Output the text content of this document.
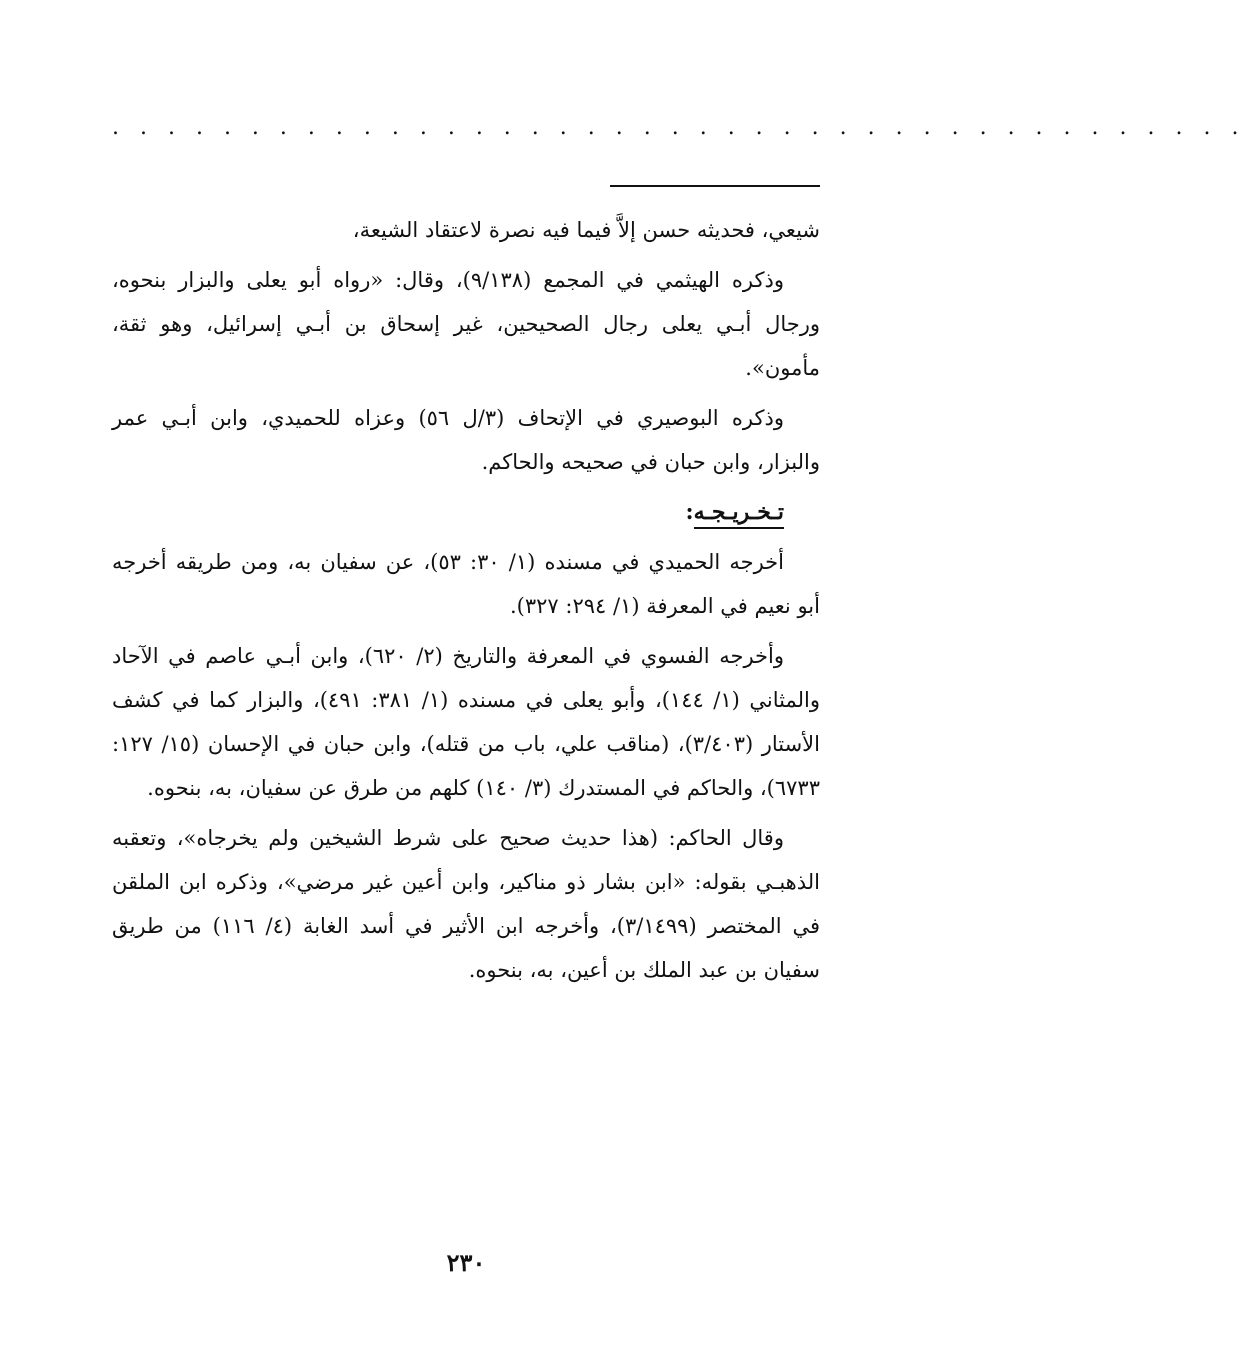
. . . . . . . . . . . . . . . . . . . . . . . . . . . . . . . . . . . . . . . . .

شيعي، فحديثه حسن إلاَّ فيما فيه نصرة لاعتقاد الشيعة،

وذكره الهيثمي في المجمع (٩/١٣٨)، وقال: «رواه أبو يعلى والبزار بنحوه، ورجال أبـي يعلى رجال الصحيحين، غير إسحاق بن أبـي إسرائيل، وهو ثقة، مأمون».

وذكره البوصيري في الإتحاف (٣/ل ٥٦) وعزاه للحميدي، وابن أبـي عمر والبزار، وابن حبان في صحيحه والحاكم.

تـخـريـجـه:

أخرجه الحميدي في مسنده (١/ ٣٠: ٥٣)، عن سفيان به، ومن طريقه أخرجه أبو نعيم في المعرفة (١/ ٢٩٤: ٣٢٧).

وأخرجه الفسوي في المعرفة والتاريخ (٢/ ٦٢٠)، وابن أبـي عاصم في الآحاد والمثاني (١/ ١٤٤)، وأبو يعلى في مسنده (١/ ٣٨١: ٤٩١)، والبزار كما في كشف الأستار (٣/٤٠٣)، (مناقب علي، باب من قتله)، وابن حبان في الإحسان (١٥/ ١٢٧: ٦٧٣٣)، والحاكم في المستدرك (٣/ ١٤٠) كلهم من طرق عن سفيان، به، بنحوه.

وقال الحاكم: (هذا حديث صحيح على شرط الشيخين ولم يخرجاه»، وتعقبه الذهبـي بقوله: «ابن بشار ذو مناكير، وابن أعين غير مرضي»، وذكره ابن الملقن في المختصر (٣/١٤٩٩)، وأخرجه ابن الأثير في أسد الغابة (٤/ ١١٦) من طريق سفيان بن عبد الملك بن أعين، به، بنحوه.

٢٣٠
